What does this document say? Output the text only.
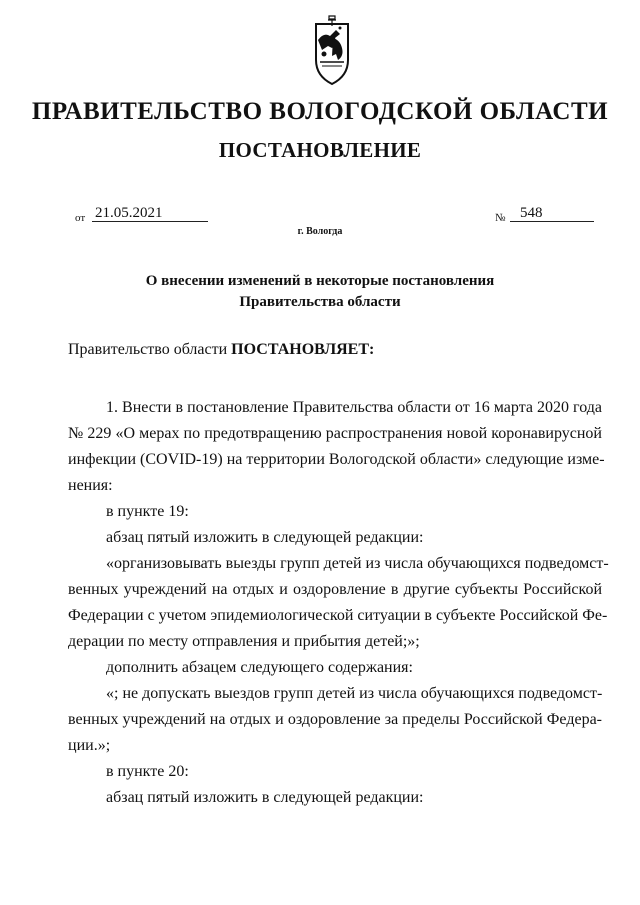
ПРАВИТЕЛЬСТВО ВОЛОГОДСКОЙ ОБЛАСТИ
ПОСТАНОВЛЕНИЕ
от 21.05.2021	№ 548
г. Вологда
О внесении изменений в некоторые постановления
Правительства области
Правительство области ПОСТАНОВЛЯЕТ:
1. Внести в постановление Правительства области от 16 марта 2020 года
№ 229 «О мерах по предотвращению распространения новой коронавирусной
инфекции (COVID-19) на территории Вологодской области» следующие изме-
нения:
в пункте 19:
абзац пятый изложить в следующей редакции:
«организовывать выезды групп детей из числа обучающихся подведомст-
венных учреждений на отдых и оздоровление в другие субъекты Российской
Федерации с учетом эпидемиологической ситуации в субъекте Российской Фе-
дерации по месту отправления и прибытия детей;»;
дополнить абзацем следующего содержания:
«; не допускать выездов групп детей из числа обучающихся подведомст-
венных учреждений на отдых и оздоровление за пределы Российской Федера-
ции.»;
в пункте 20:
абзац пятый изложить в следующей редакции:
